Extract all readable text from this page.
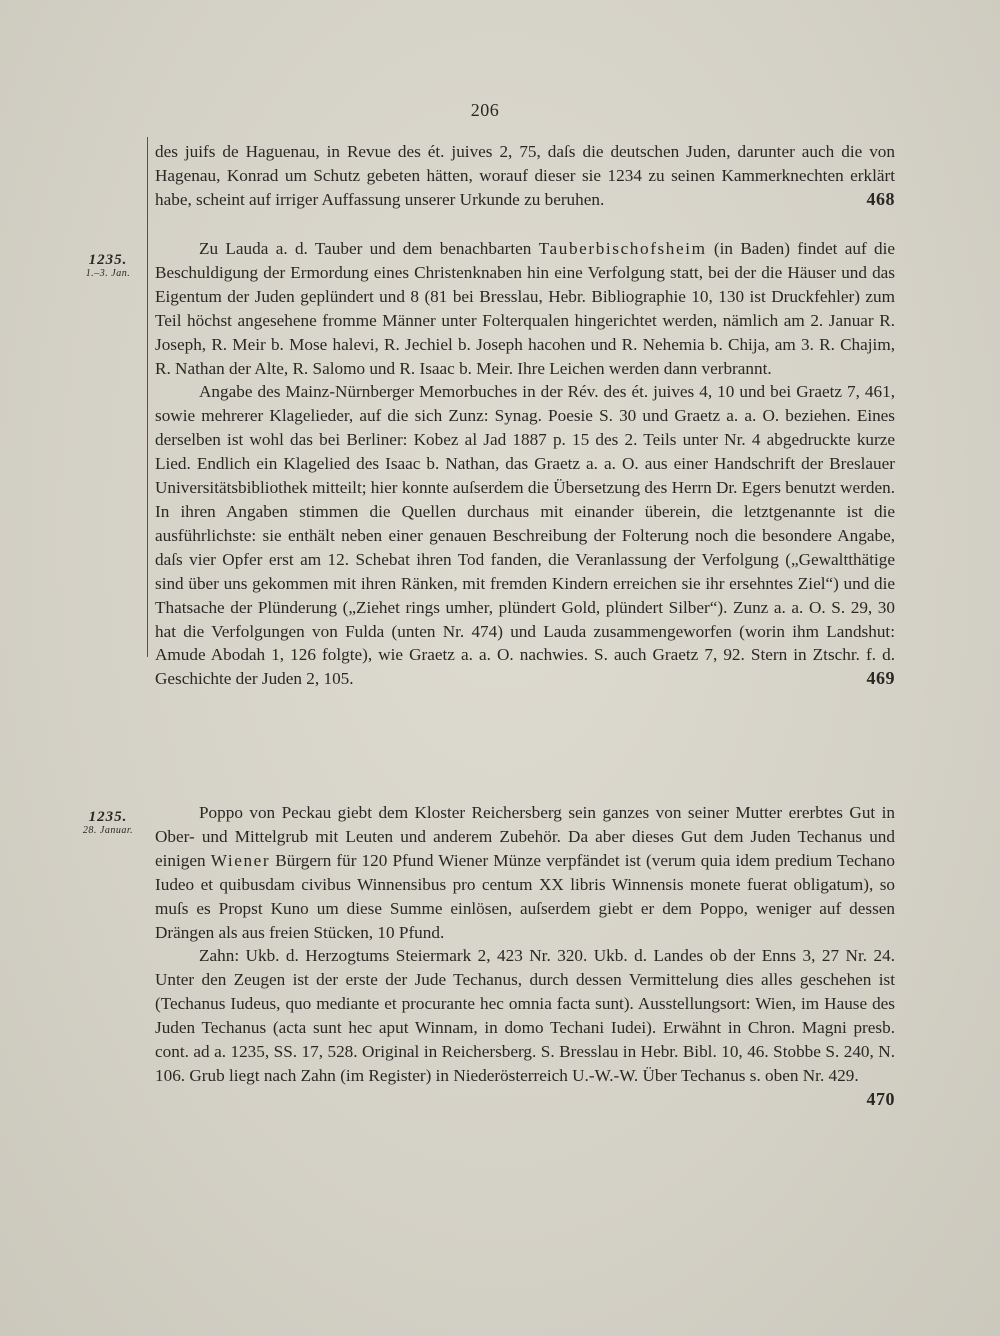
206
1235.
1.–3. Jan.
1235.
28. Januar.

des juifs de Haguenau, in Revue des ét. juives 2, 75, daſs die deutschen Juden, darunter auch die von Hagenau, Konrad um Schutz gebeten hätten, worauf dieser sie 1234 zu seinen Kammerknechten erklärt habe, scheint auf irriger Auffassung unserer Urkunde zu beruhen.	468

Zu Lauda a. d. Tauber und dem benachbarten Tauberbischofsheim (in Baden) findet auf die Beschuldigung der Ermordung eines Christenknaben hin eine Verfolgung statt, bei der die Häuser und das Eigentum der Juden geplündert und 8 (81 bei Bresslau, Hebr. Bibliographie 10, 130 ist Druckfehler) zum Teil höchst angesehene fromme Männer unter Folterqualen hingerichtet werden, nämlich am 2. Januar R. Joseph, R. Meir b. Mose halevi, R. Jechiel b. Joseph hacohen und R. Nehemia b. Chija, am 3. R. Chajim, R. Nathan der Alte, R. Salomo und R. Isaac b. Meir. Ihre Leichen werden dann verbrannt.

Angabe des Mainz-Nürnberger Memorbuches in der Rév. des ét. juives 4, 10 und bei Graetz 7, 461, sowie mehrerer Klagelieder, auf die sich Zunz: Synag. Poesie S. 30 und Graetz a. a. O. beziehen. Eines derselben ist wohl das bei Berliner: Kobez al Jad 1887 p. 15 des 2. Teils unter Nr. 4 abgedruckte kurze Lied. Endlich ein Klagelied des Isaac b. Nathan, das Graetz a. a. O. aus einer Handschrift der Breslauer Universitätsbibliothek mitteilt; hier konnte auſserdem die Übersetzung des Herrn Dr. Egers benutzt werden. In ihren Angaben stimmen die Quellen durchaus mit einander überein, die letztgenannte ist die ausführlichste: sie enthält neben einer genauen Beschreibung der Folterung noch die besondere Angabe, daſs vier Opfer erst am 12. Schebat ihren Tod fanden, die Veranlassung der Verfolgung („Gewaltthätige sind über uns gekommen mit ihren Ränken, mit fremden Kindern erreichen sie ihr ersehntes Ziel“) und die Thatsache der Plünderung („Ziehet rings umher, plündert Gold, plündert Silber“). Zunz a. a. O. S. 29, 30 hat die Verfolgungen von Fulda (unten Nr. 474) und Lauda zusammengeworfen (worin ihm Landshut: Amude Abodah 1, 126 folgte), wie Graetz a. a. O. nachwies. S. auch Graetz 7, 92. Stern in Ztschr. f. d. Geschichte der Juden 2, 105.	469

Poppo von Peckau giebt dem Kloster Reichersberg sein ganzes von seiner Mutter ererbtes Gut in Ober- und Mittelgrub mit Leuten und anderem Zubehör. Da aber dieses Gut dem Juden Techanus und einigen Wiener Bürgern für 120 Pfund Wiener Münze verpfändet ist (verum quia idem predium Techano Iudeo et quibusdam civibus Winnensibus pro centum XX libris Winnensis monete fuerat obligatum), so muſs es Propst Kuno um diese Summe einlösen, auſserdem giebt er dem Poppo, weniger auf dessen Drängen als aus freien Stücken, 10 Pfund.

Zahn: Ukb. d. Herzogtums Steiermark 2, 423 Nr. 320. Ukb. d. Landes ob der Enns 3, 27 Nr. 24. Unter den Zeugen ist der erste der Jude Techanus, durch dessen Vermittelung dies alles geschehen ist (Techanus Iudeus, quo mediante et procurante hec omnia facta sunt). Ausstellungsort: Wien, im Hause des Juden Techanus (acta sunt hec aput Winnam, in domo Techani Iudei). Erwähnt in Chron. Magni presb. cont. ad a. 1235, SS. 17, 528. Original in Reichersberg. S. Bresslau in Hebr. Bibl. 10, 46. Stobbe S. 240, N. 106. Grub liegt nach Zahn (im Register) in Niederösterreich U.-W.-W. Über Techanus s. oben Nr. 429.
470
